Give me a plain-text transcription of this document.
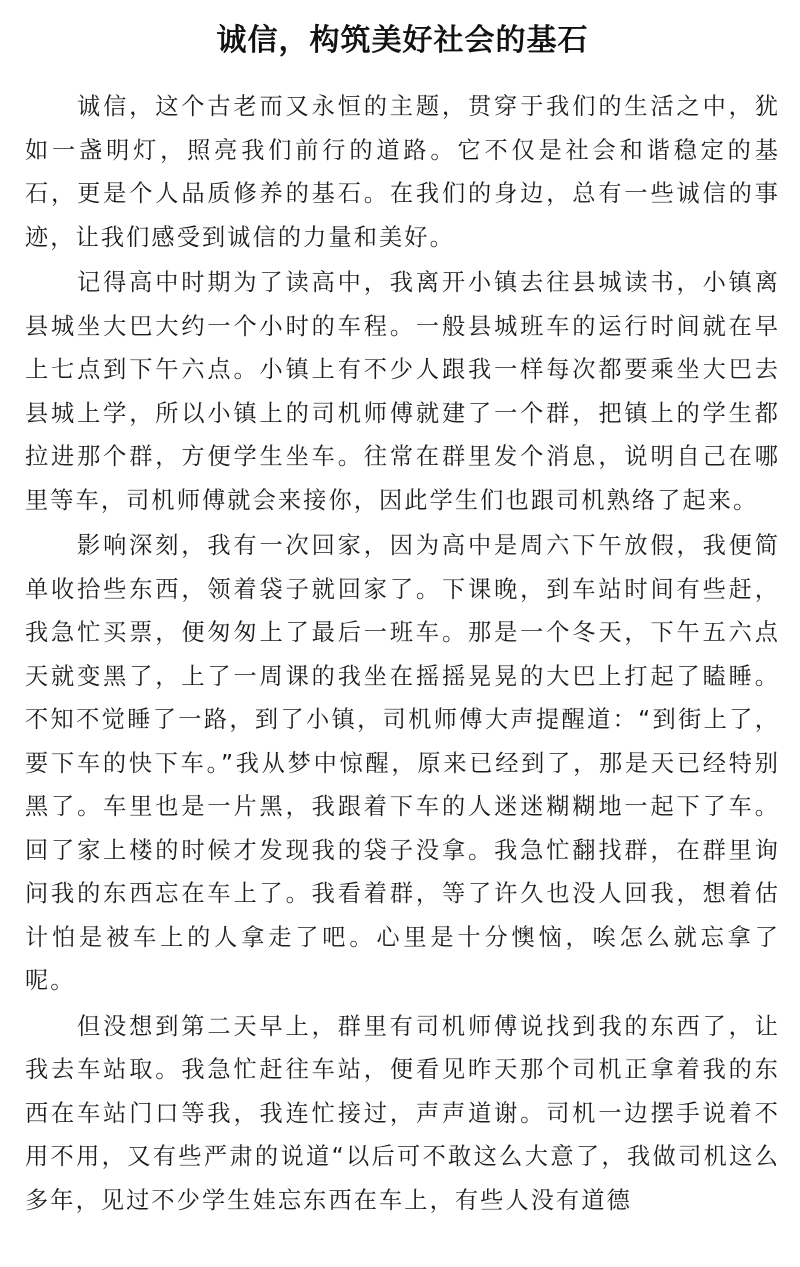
诚信，构筑美好社会的基石

诚信，这个古老而又永恒的主题，贯穿于我们的生活之中，犹如一盏明灯，照亮我们前行的道路。它不仅是社会和谐稳定的基石，更是个人品质修养的基石。在我们的身边，总有一些诚信的事迹，让我们感受到诚信的力量和美好。

记得高中时期为了读高中，我离开小镇去往县城读书，小镇离县城坐大巴大约一个小时的车程。一般县城班车的运行时间就在早上七点到下午六点。小镇上有不少人跟我一样每次都要乘坐大巴去县城上学，所以小镇上的司机师傅就建了一个群，把镇上的学生都拉进那个群，方便学生坐车。往常在群里发个消息，说明自己在哪里等车，司机师傅就会来接你，因此学生们也跟司机熟络了起来。

影响深刻，我有一次回家，因为高中是周六下午放假，我便简单收拾些东西，领着袋子就回家了。下课晚，到车站时间有些赶，我急忙买票，便匆匆上了最后一班车。那是一个冬天，下午五六点天就变黑了，上了一周课的我坐在摇摇晃晃的大巴上打起了瞌睡。不知不觉睡了一路，到了小镇，司机师傅大声提醒道：“到街上了，要下车的快下车。”我从梦中惊醒，原来已经到了，那是天已经特别黑了。车里也是一片黑，我跟着下车的人迷迷糊糊地一起下了车。回了家上楼的时候才发现我的袋子没拿。我急忙翻找群，在群里询问我的东西忘在车上了。我看着群，等了许久也没人回我，想着估计怕是被车上的人拿走了吧。心里是十分懊恼，唉怎么就忘拿了呢。

但没想到第二天早上，群里有司机师傅说找到我的东西了，让我去车站取。我急忙赶往车站，便看见昨天那个司机正拿着我的东西在车站门口等我，我连忙接过，声声道谢。司机一边摆手说着不用不用，又有些严肃的说道“以后可不敢这么大意了，我做司机这么多年，见过不少学生娃忘东西在车上，有些人没有道德
